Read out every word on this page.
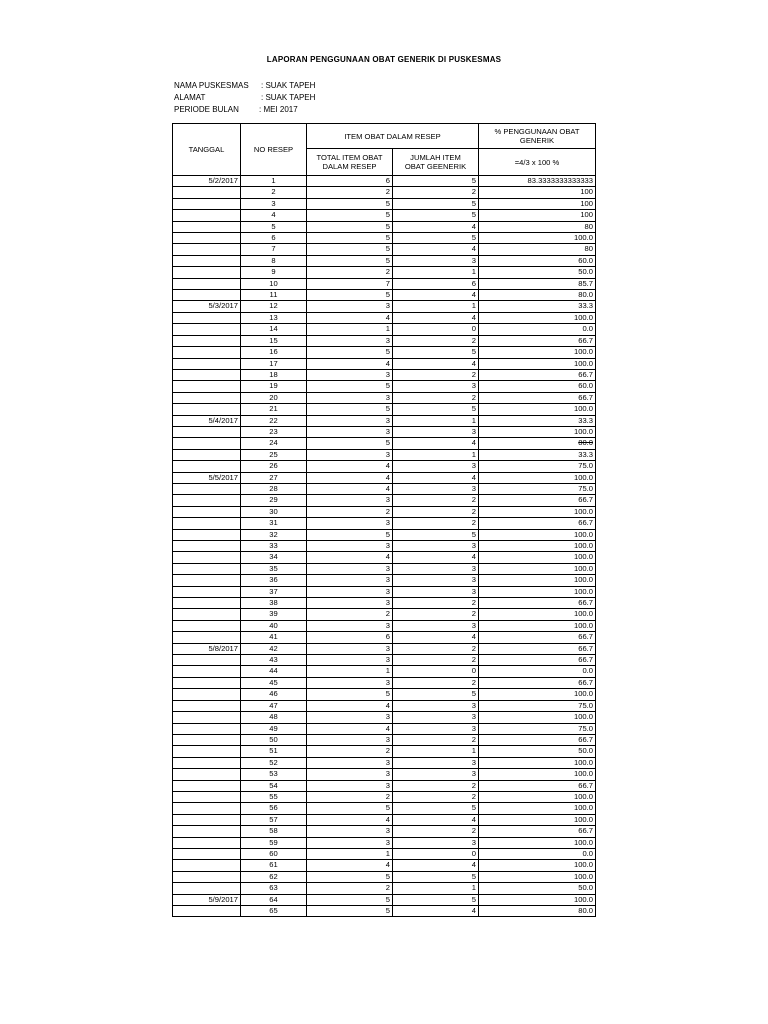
LAPORAN PENGGUNAAN OBAT GENERIK DI PUSKESMAS
NAMA PUSKESMAS : SUAK TAPEH
ALAMAT	: SUAK TAPEH
PERIODE BULAN	: MEI 2017
TANGGAL	NO RESEP	ITEM OBAT DALAM RESEP		% PENGGUNAAN OBAT GENERIK
		TOTAL ITEM OBAT DALAM RESEP	JUMLAH ITEM OBAT GEENERIK	=4/3 x 100 %
5/2/2017	1	6	5	83.3333333333333
	2	2	2	100
	3	5	5	100
	4	5	5	100
	5	5	4	80
	6	5	5	100.0
	7	5	4	80
	8	5	3	60.0
	9	2	1	50.0
	10	7	6	85.7
	11	5	4	80.0
5/3/2017	12	3	1	33.3
	13	4	4	100.0
	14	1	0	0.0
	15	3	2	66.7
	16	5	5	100.0
	17	4	4	100.0
	18	3	2	66.7
	19	5	3	60.0
	20	3	2	66.7
	21	5	5	100.0
5/4/2017	22	3	1	33.3
	23	3	3	100.0
	24	5	4	80.0
	25	3	1	33.3
	26	4	3	75.0
5/5/2017	27	4	4	100.0
	28	4	3	75.0
	29	3	2	66.7
	30	2	2	100.0
	31	3	2	66.7
	32	5	5	100.0
	33	3	3	100.0
	34	4	4	100.0
	35	3	3	100.0
	36	3	3	100.0
	37	3	3	100.0
	38	3	2	66.7
	39	2	2	100.0
	40	3	3	100.0
	41	6	4	66.7
5/8/2017	42	3	2	66.7
	43	3	2	66.7
	44	1	0	0.0
	45	3	2	66.7
	46	5	5	100.0
	47	4	3	75.0
	48	3	3	100.0
	49	4	3	75.0
	50	3	2	66.7
	51	2	1	50.0
	52	3	3	100.0
	53	3	3	100.0
	54	3	2	66.7
	55	2	2	100.0
	56	5	5	100.0
	57	4	4	100.0
	58	3	2	66.7
	59	3	3	100.0
	60	1	0	0.0
	61	4	4	100.0
	62	5	5	100.0
	63	2	1	50.0
5/9/2017	64	5	5	100.0
	65	5	4	80.0
